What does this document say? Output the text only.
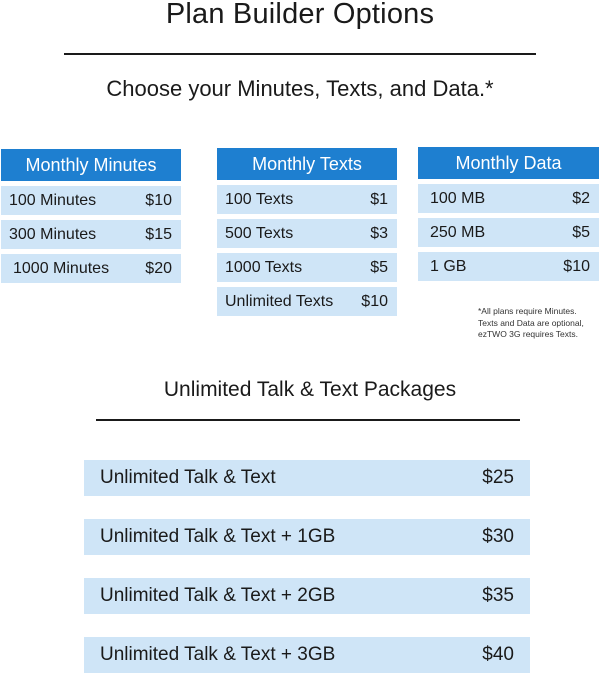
Plan Builder Options
Choose your Minutes, Texts, and Data.*
Monthly Minutes
100 Minutes	$10
300 Minutes	$15
1000 Minutes $20
Monthly Texts
100 Texts	$1
500 Texts	$3
1000 Texts	$5
Unlimited Texts $10
Monthly Data
100 MB	$2
250 MB	$5
1 GB	$10
*All plans require Minutes.
Texts and Data are optional,
ezTWO 3G requires Texts.
Unlimited Talk & Text Packages
Unlimited Talk & Text	$25
Unlimited Talk & Text + 1GB	$30
Unlimited Talk & Text + 2GB	$35
Unlimited Talk & Text + 3GB	$40
